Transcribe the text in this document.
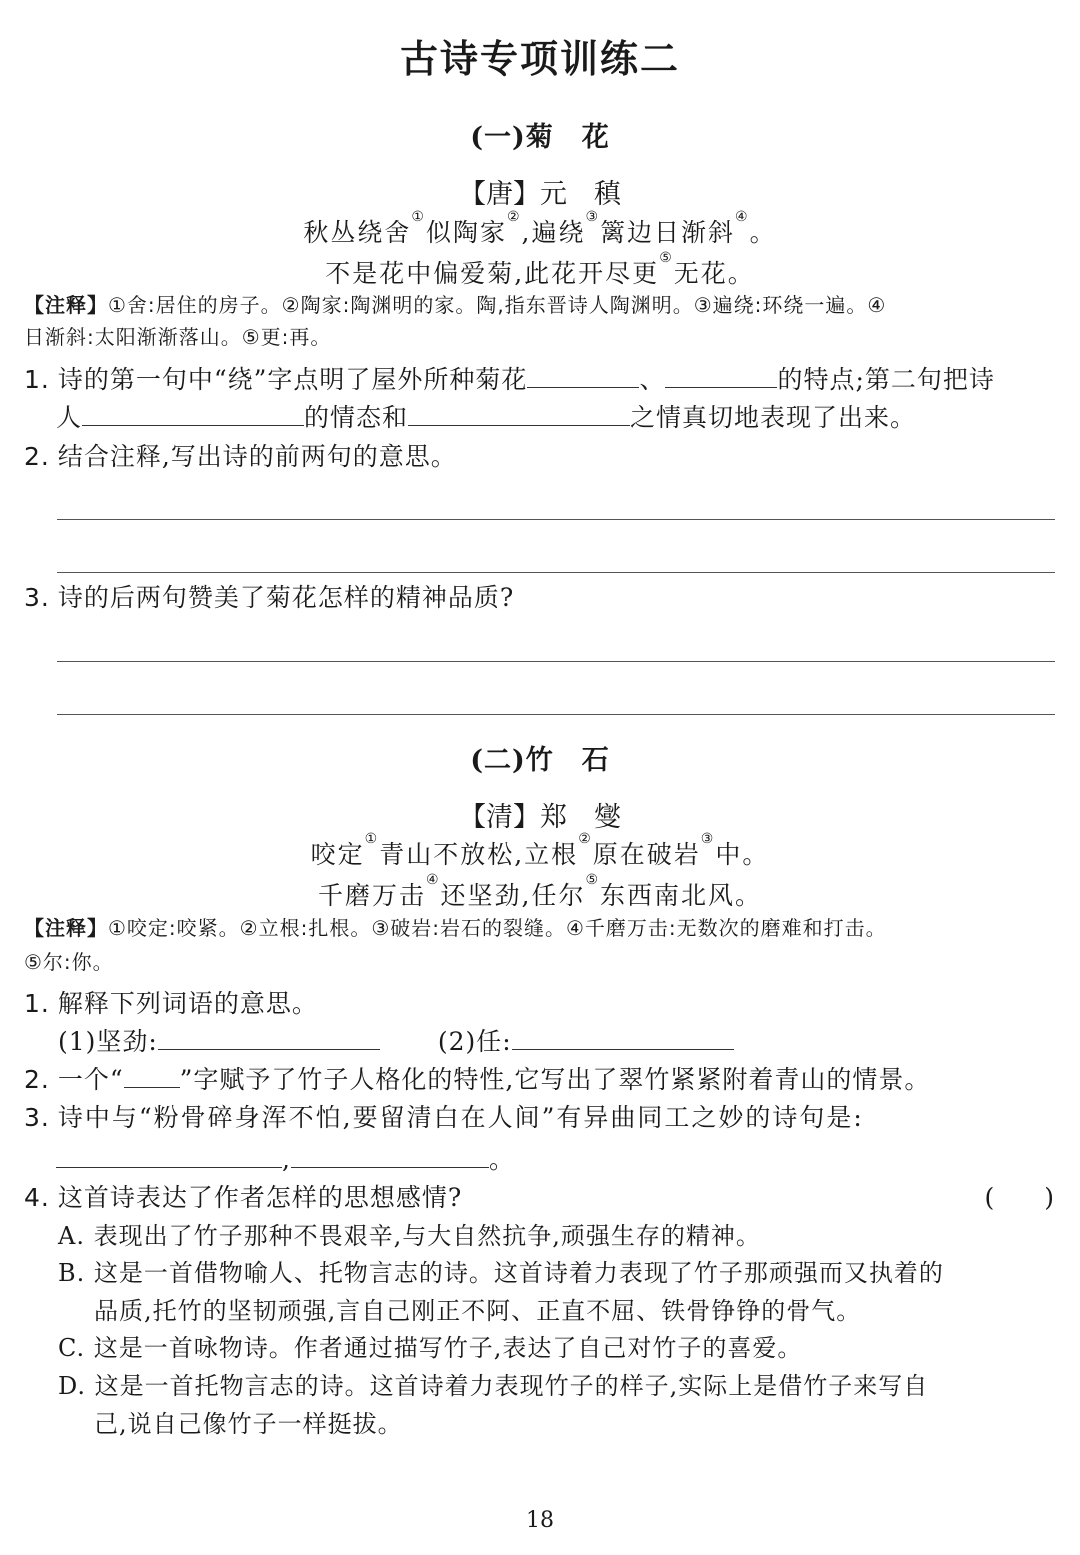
古诗专项训练二
(一)菊　花
【唐】元　稹
秋丛绕舍①似陶家②,遍绕③篱边日渐斜④。
不是花中偏爱菊,此花开尽更⑤无花。
【注释】①舍:居住的房子。②陶家:陶渊明的家。陶,指东晋诗人陶渊明。③遍绕:环绕一遍。④
日渐斜:太阳渐渐落山。⑤更:再。
1. 诗的第一句中“绕”字点明了屋外所种菊花	、	的特点;第二句把诗
人	的情态和	之情真切地表现了出来。
2. 结合注释,写出诗的前两句的意思。
3. 诗的后两句赞美了菊花怎样的精神品质?
(二)竹　石
【清】郑　燮
咬定①青山不放松,立根②原在破岩③中。
千磨万击④还坚劲,任尔⑤东西南北风。
【注释】①咬定:咬紧。②立根:扎根。③破岩:岩石的裂缝。④千磨万击:无数次的磨难和打击。
⑤尔:你。
1. 解释下列词语的意思。
(1)坚劲:	(2)任:
2. 一个“ ”字赋予了竹子人格化的特性,它写出了翠竹紧紧附着青山的情景。
3. 诗中与“粉骨碎身浑不怕,要留清白在人间”有异曲同工之妙的诗句是:
,	。
4. 这首诗表达了作者怎样的思想感情?	(　　)
A. 表现出了竹子那种不畏艰辛,与大自然抗争,顽强生存的精神。
B. 这是一首借物喻人、托物言志的诗。这首诗着力表现了竹子那顽强而又执着的
品质,托竹的坚韧顽强,言自己刚正不阿、正直不屈、铁骨铮铮的骨气。
C. 这是一首咏物诗。作者通过描写竹子,表达了自己对竹子的喜爱。
D. 这是一首托物言志的诗。这首诗着力表现竹子的样子,实际上是借竹子来写自
己,说自己像竹子一样挺拔。
18
